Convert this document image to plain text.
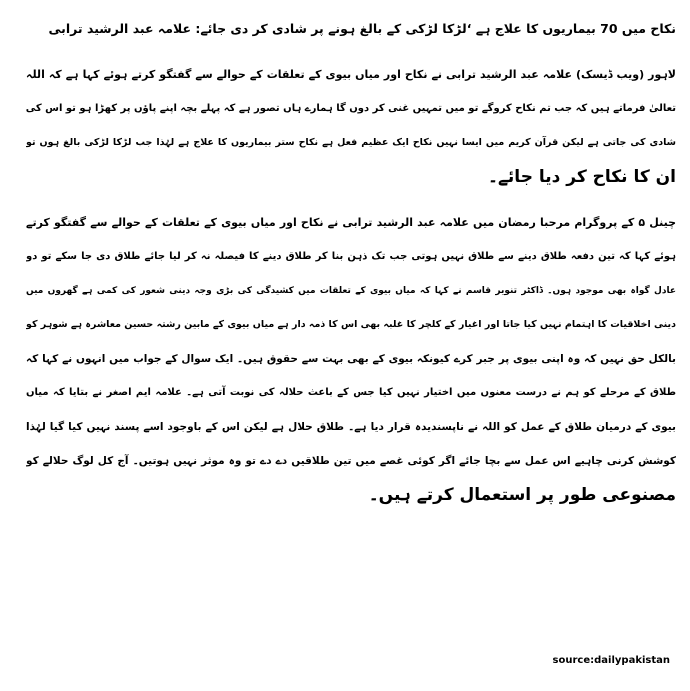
نکاح میں 70 بیماریوں کا علاج ہے ‘لڑکا لڑکی کے بالغ ہونے پر شادی کر دی جائے: علامہ عبد الرشید ترابی

لاہور (ویب ڈیسک) علامہ عبد الرشید ترابی نے نکاح اور میاں بیوی کے تعلقات کے حوالے سے گفتگو کرتے ہوئے کہا ہے کہ اللہ
تعالیٰ فرماتے ہیں کہ جب تم نکاح کروگے تو میں تمہیں غنی کر دوں گا ہمارے ہاں تصور ہے کہ پہلے بچہ اپنے پاؤں پر کھڑا ہو تو اس کی
شادی کی جاتی ہے لیکن قرآن کریم میں ایسا نہیں نکاح ایک عظیم فعل ہے نکاح ستر بیماریوں کا علاج ہے لہٰذا جب لڑکا لڑکی بالغ ہوں تو
ان کا نکاح کر دیا جائے۔

چینل ۵ کے پروگرام مرحبا رمضان میں علامہ عبد الرشید ترابی نے نکاح اور میاں بیوی کے تعلقات کے حوالے سے گفتگو کرتے
ہوئے کہا کہ تین دفعہ طلاق دینے سے طلاق نہیں ہوتی جب تک ذہن بنا کر طلاق دینے کا فیصلہ نہ کر لیا جائے طلاق دی جا سکے تو دو
عادل گواہ بھی موجود ہوں۔ ڈاکٹر تنویر قاسم نے کہا کہ میاں بیوی کے تعلقات میں کشیدگی کی بڑی وجہ دینی شعور کی کمی ہے گھروں میں
دینی اخلاقیات کا اہتمام نہیں کیا جاتا اور اغیار کے کلچر کا غلبہ بھی اس کا ذمہ دار ہے میاں بیوی کے مابین رشتہ حسین معاشرہ ہے شوہر کو
بالکل حق نہیں کہ وہ اپنی بیوی پر جبر کرے کیونکہ بیوی کے بھی بہت سے حقوق ہیں۔ ایک سوال کے جواب میں انہوں نے کہا کہ
طلاق کے مرحلے کو ہم نے درست معنوں میں اختیار نہیں کیا جس کے باعث حلالہ کی نوبت آتی ہے۔ علامہ ایم اصغر نے بتایا کہ میاں
بیوی کے درمیان طلاق کے عمل کو اللہ نے ناپسندیدہ قرار دیا ہے۔ طلاق حلال ہے لیکن اس کے باوجود اسے پسند نہیں کیا گیا لہٰذا
کوشش کرنی چاہیے اس عمل سے بچا جائے اگر کوئی غصے میں تین طلاقیں دے دے تو وہ موثر نہیں ہوتیں۔ آج کل لوگ حلالے کو
مصنوعی طور پر استعمال کرتے ہیں۔

source:dailypakistan
